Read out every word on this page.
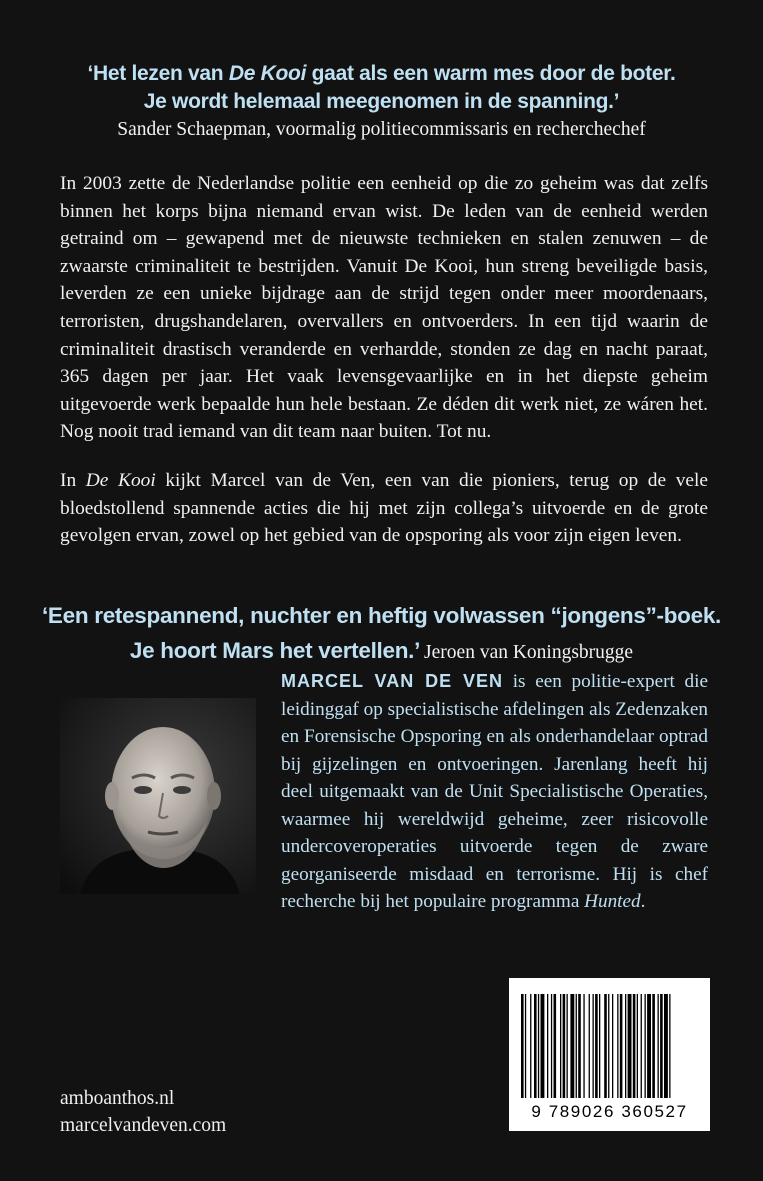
‘Het lezen van De Kooi gaat als een warm mes door de boter.
Je wordt helemaal meegenomen in de spanning.’
Sander Schaepman, voormalig politiecommissaris en recherchechef
In 2003 zette de Nederlandse politie een eenheid op die zo geheim was dat zelfs binnen het korps bijna niemand ervan wist. De leden van de eenheid werden getraind om – gewapend met de nieuwste technieken en stalen zenuwen – de zwaarste criminaliteit te bestrijden. Vanuit De Kooi, hun streng beveiligde basis, leverden ze een unieke bijdrage aan de strijd tegen onder meer moordenaars, terroristen, drugshandelaren, overvallers en ontvoerders. In een tijd waarin de criminaliteit drastisch veranderde en verhardde, stonden ze dag en nacht paraat, 365 dagen per jaar. Het vaak levensgevaarlijke en in het diepste geheim uitgevoerde werk bepaalde hun hele bestaan. Ze déden dit werk niet, ze wáren het. Nog nooit trad iemand van dit team naar buiten. Tot nu.
In De Kooi kijkt Marcel van de Ven, een van die pioniers, terug op de vele bloedstollend spannende acties die hij met zijn collega’s uitvoerde en de grote gevolgen ervan, zowel op het gebied van de opsporing als voor zijn eigen leven.
‘Een retespannend, nuchter en heftig volwassen “jongens”-boek.
Je hoort Mars het vertellen.’ Jeroen van Koningsbrugge
MARCEL VAN DE VEN is een politie-expert die leidinggaf op specialistische afdelingen als Zedenzaken en Forensische Opsporing en als onderhandelaar optrad bij gijzelingen en ontvoeringen. Jarenlang heeft hij deel uitgemaakt van de Unit Specialistische Operaties, waarmee hij wereldwijd geheime, zeer risicovolle undercoveroperaties uitvoerde tegen de zware georganiseerde misdaad en terrorisme. Hij is chef recherche bij het populaire programma Hunted.
amboanthos.nl
marcelvandeven.com
9 789026 360527
